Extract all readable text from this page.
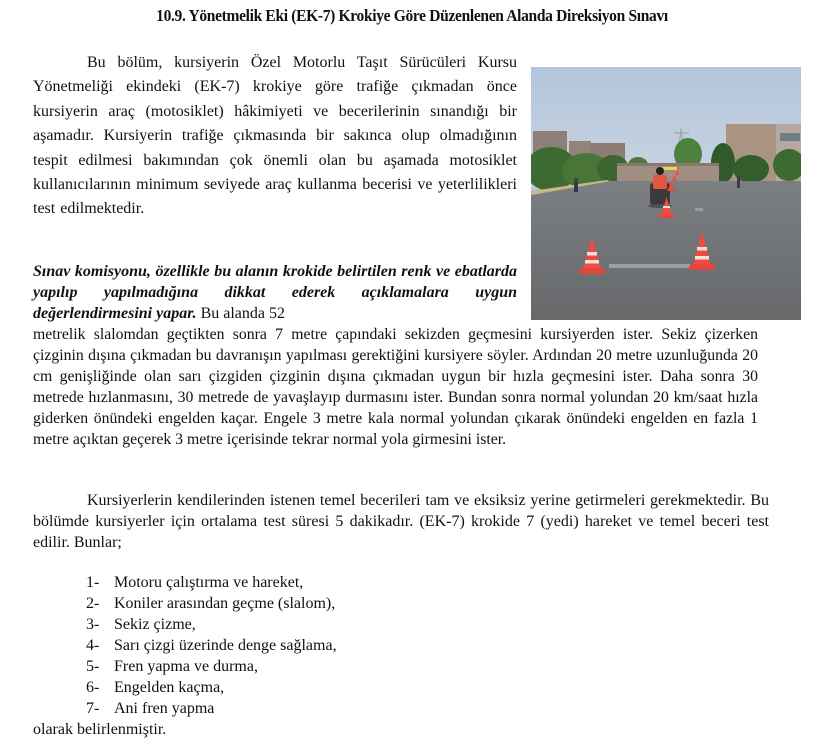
10.9. Yönetmelik Eki (EK-7) Krokiye Göre Düzenlenen Alanda Direksiyon Sınavı
Bu bölüm, kursiyerin Özel Motorlu Taşıt Sürücüleri Kursu Yönetmeliği ekindeki (EK-7) krokiye göre trafiğe çıkmadan önce kursiyerin araç (motosiklet) hâkimiyeti ve becerilerinin sınandığı bir aşamadır. Kursiyerin trafiğe çıkmasında bir sakınca olup olmadığının tespit edilmesi bakımından çok önemli olan bu aşamada motosiklet kullanıcılarının minimum seviyede araç kullanma becerisi ve yeterlilikleri test edilmektedir.
Sınav komisyonu, özellikle bu alanın krokide belirtilen renk ve ebatlarda yapılıp yapılmadığına dikkat ederek açıklamalara uygun değerlendirmesini yapar. Bu alanda 52
metrelik slalomdan geçtikten sonra 7 metre çapındaki sekizden geçmesini kursiyerden ister. Sekiz çizerken çizginin dışına çıkmadan bu davranışın yapılması gerektiğini kursiyere söyler. Ardından 20 metre uzunluğunda 20 cm genişliğinde olan sarı çizgiden çizginin dışına çıkmadan uygun bir hızla geçmesini ister. Daha sonra 30 metrede hızlanmasını, 30 metrede de yavaşlayıp durmasını ister. Bundan sonra normal yolundan 20 km/saat hızla giderken önündeki engelden kaçar. Engele 3 metre kala normal yolundan çıkarak önündeki engelden en fazla 1 metre açıktan geçerek 3 metre içerisinde tekrar normal yola girmesini ister.
Kursiyerlerin kendilerinden istenen temel becerileri tam ve eksiksiz yerine getirmeleri gerekmektedir. Bu bölümde kursiyerler için ortalama test süresi 5 dakikadır. (EK-7) krokide 7 (yedi) hareket ve temel beceri test edilir. Bunlar;
1- Motoru çalıştırma ve hareket,
2- Koniler arasından geçme (slalom),
3- Sekiz çizme,
4- Sarı çizgi üzerinde denge sağlama,
5- Fren yapma ve durma,
6- Engelden kaçma,
7- Ani fren yapma
olarak belirlenmiştir.
